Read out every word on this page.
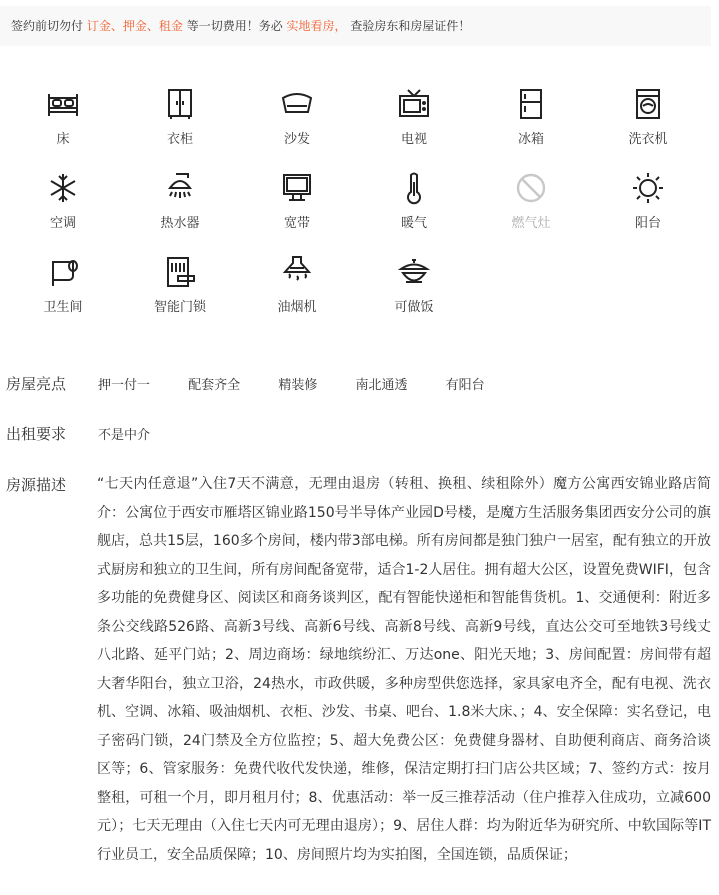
签约前切勿付 订金、押金、租金 等一切费用！务必 实地看房， 查验房东和房屋证件！
床	衣柜	沙发	电视	冰箱	洗衣机
空调	热水器	宽带	暖气	燃气灶	阳台
卫生间	智能门锁	油烟机	可做饭
房屋亮点 押一付一	配套齐全	精装修	南北通透	有阳台
出租要求 不是中介
房源描述 “七天内任意退”入住7天不满意，无理由退房（转租、换租、续租除外）魔方公寓西安锦业路店简介：公寓位于西安市雁塔区锦业路150号半导体产业园D号楼，是魔方生活服务集团西安分公司的旗舰店，总共15层，160多个房间，楼内带3部电梯。所有房间都是独门独户一居室，配有独立的开放式厨房和独立的卫生间，所有房间配备宽带，适合1-2人居住。拥有超大公区，设置免费WIFI，包含多功能的免费健身区、阅读区和商务谈判区，配有智能快递柜和智能售货机。1、交通便利：附近多条公交线路526路、高新3号线、高新6号线、高新8号线、高新9号线，直达公交可至地铁3号线丈八北路、延平门站；2、周边商场：绿地缤纷汇、万达one、阳光天地；3、房间配置：房间带有超大奢华阳台，独立卫浴，24热水，市政供暖，多种房型供您选择，家具家电齐全，配有电视、洗衣机、空调、冰箱、吸油烟机、衣柜、沙发、书桌、吧台、1.8米大床、；4、安全保障：实名登记，电子密码门锁，24门禁及全方位监控；5、超大免费公区：免费健身器材、自助便利商店、商务洽谈区等；6、管家服务：免费代收代发快递，维修，保洁定期打扫门店公共区域；7、签约方式：按月整租，可租一个月，即月租月付；8、优惠活动：举一反三推荐活动（住户推荐入住成功，立减600元）；七天无理由（入住七天内可无理由退房）；9、居住人群：均为附近华为研究所、中软国际等IT行业员工，安全品质保障；10、房间照片均为实拍图，全国连锁，品质保证；
